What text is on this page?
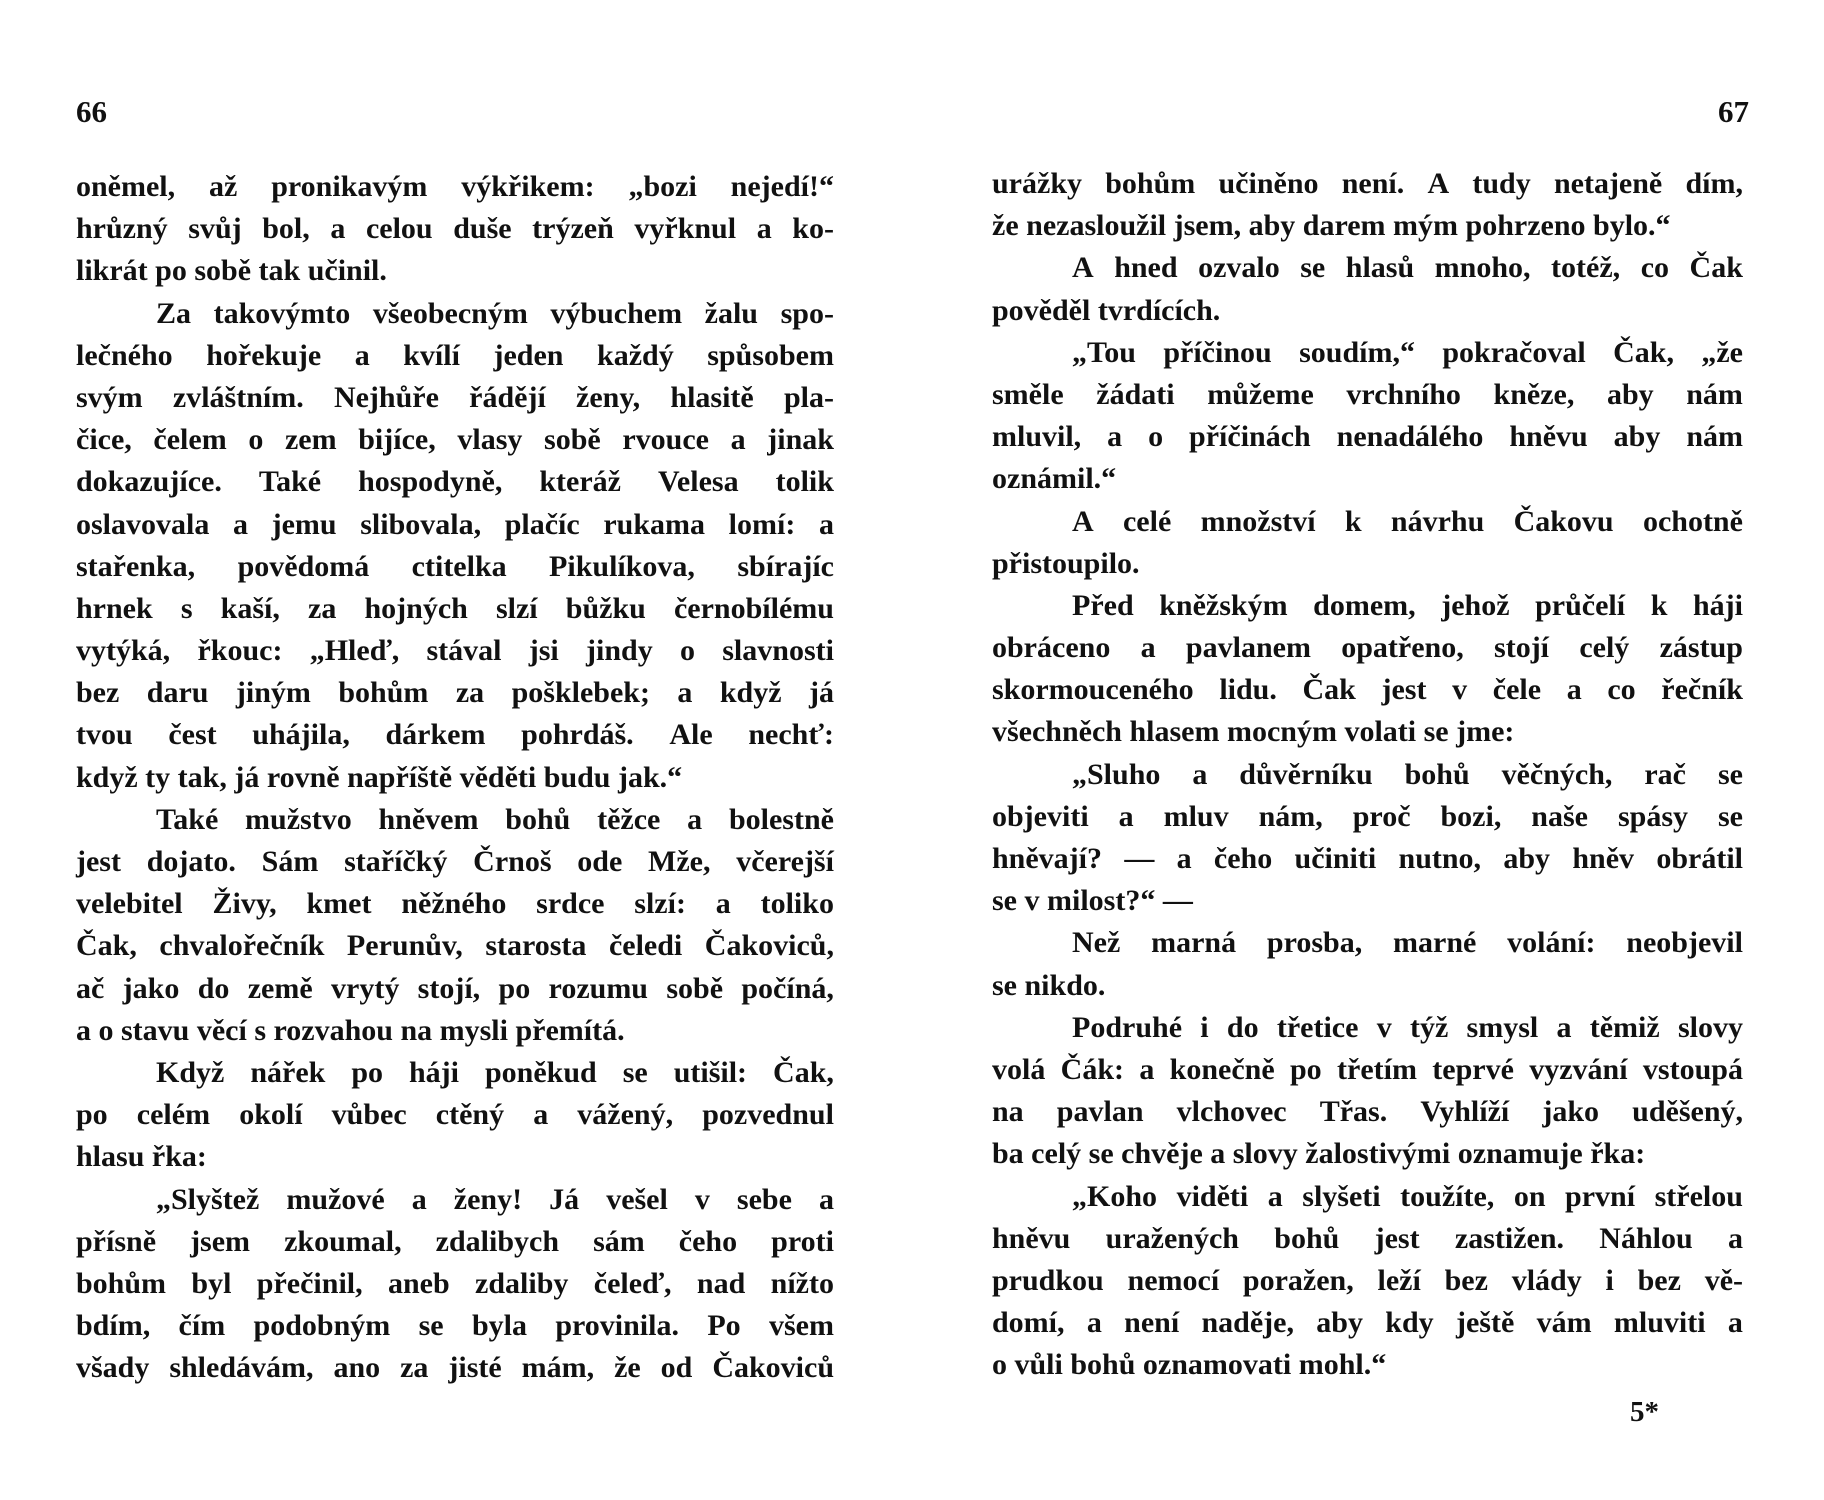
66
oněmel, až pronikavým výkřikem: „bozi nejedí!“
hrůzný svůj bol, a celou duše trýzeň vyřknul a ko-
likrát po sobě tak učinil.
Za takovýmto všeobecným výbuchem žalu spo-
lečného hořekuje a kvílí jeden každý spůsobem
svým zvláštním. Nejhůře řádějí ženy, hlasitě pla-
čice, čelem o zem bijíce, vlasy sobě rvouce a jinak
dokazujíce. Také hospodyně, kteráž Velesa tolik
oslavovala a jemu slibovala, plačíc rukama lomí: a
stařenka, povědomá ctitelka Pikulíkova, sbírajíc
hrnek s kaší, za hojných slzí bůžku černobílému
vytýká, řkouc: „Hleď, stával jsi jindy o slavnosti
bez daru jiným bohům za pošklebek; a když já
tvou čest uhájila, dárkem pohrdáš. Ale nechť:
když ty tak, já rovně napříště věděti budu jak.“
Také mužstvo hněvem bohů těžce a bolestně
jest dojato. Sám staříčký Črnoš ode Mže, včerejší
velebitel Živy, kmet něžného srdce slzí: a toliko
Čak, chvalořečník Perunův, starosta čeledi Čakoviců,
ač jako do země vrytý stojí, po rozumu sobě počíná,
a o stavu věcí s rozvahou na mysli přemítá.
Když nářek po háji poněkud se utišil: Čak,
po celém okolí vůbec ctěný a vážený, pozvednul
hlasu řka:
„Slyštež mužové a ženy! Já vešel v sebe a
přísně jsem zkoumal, zdalibych sám čeho proti
bohům byl přečinil, aneb zdaliby čeleď, nad nížto
bdím, čím podobným se byla provinila. Po všem
všady shledávám, ano za jisté mám, že od Čakoviců
67
urážky bohům učiněno není. A tudy netajeně dím,
že nezasloužil jsem, aby darem mým pohrzeno bylo.“
A hned ozvalo se hlasů mnoho, totéž, co Čak
pověděl tvrdících.
„Tou příčinou soudím,“ pokračoval Čak, „že
směle žádati můžeme vrchního kněze, aby nám
mluvil, a o příčinách nenadálého hněvu aby nám
oznámil.“
A celé množství k návrhu Čakovu ochotně
přistoupilo.
Před kněžským domem, jehož průčelí k háji
obráceno a pavlanem opatřeno, stojí celý zástup
skormouceného lidu. Čak jest v čele a co řečník
všechněch hlasem mocným volati se jme:
„Sluho a důvěrníku bohů věčných, rač se
objeviti a mluv nám, proč bozi, naše spásy se
hněvají? — a čeho učiniti nutno, aby hněv obrátil
se v milost?“ —
Než marná prosba, marné volání: neobjevil
se nikdo.
Podruhé i do třetice v týž smysl a těmiž slovy
volá Čák: a konečně po třetím teprvé vyzvání vstoupá
na pavlan vlchovec Třas. Vyhlíží jako uděšený,
ba celý se chvěje a slovy žalostivými oznamuje řka:
„Koho viděti a slyšeti toužíte, on první střelou
hněvu uražených bohů jest zastižen. Náhlou a
prudkou nemocí poražen, leží bez vlády i bez vě-
domí, a není naděje, aby kdy ještě vám mluviti a
o vůli bohů oznamovati mohl.“
5*
